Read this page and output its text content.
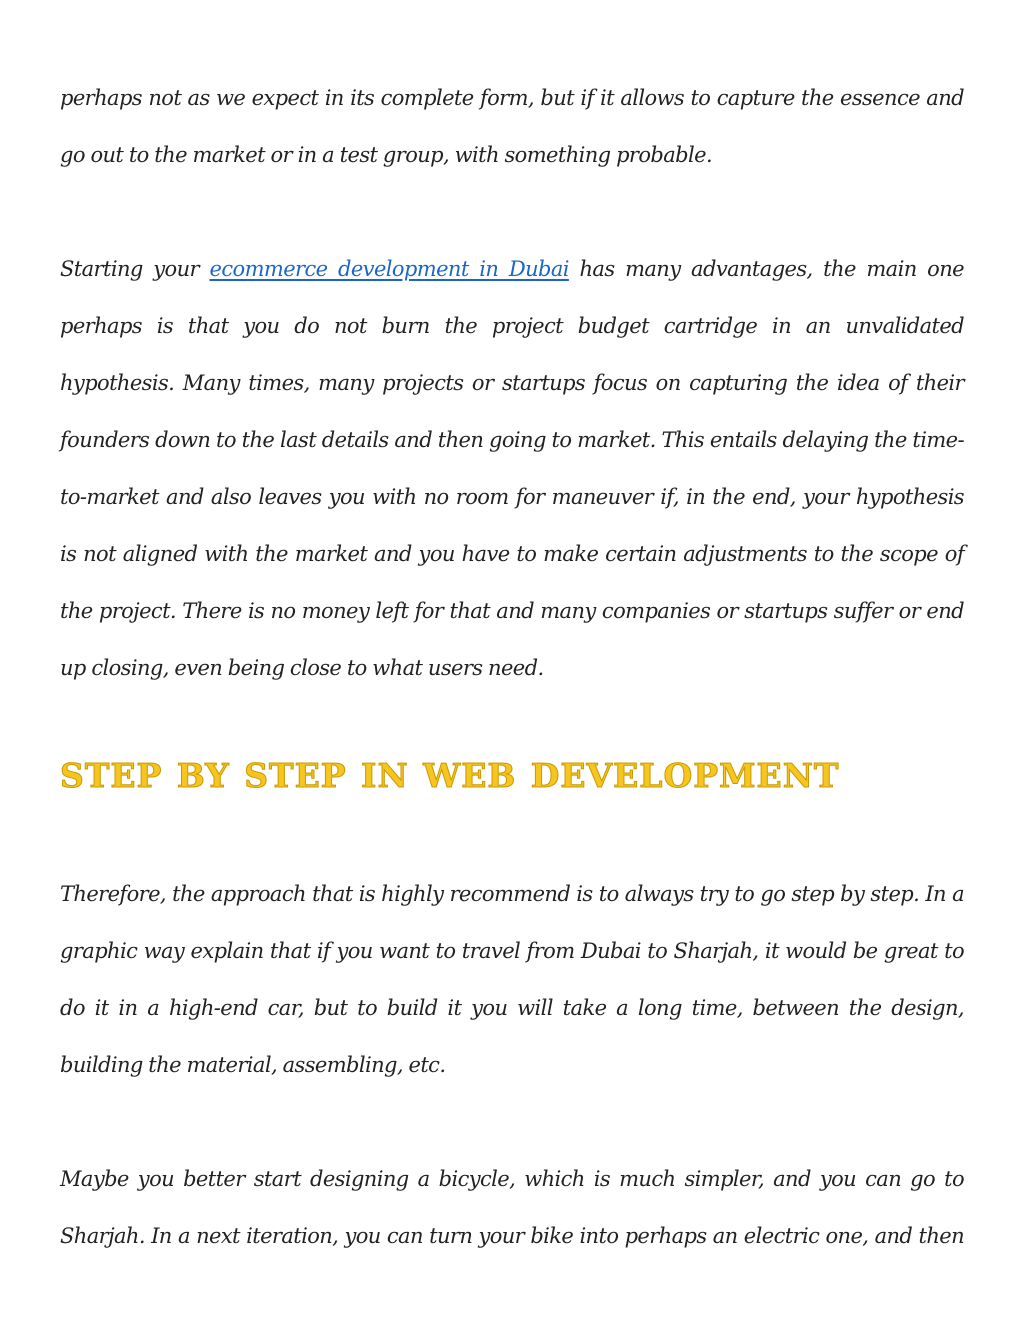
perhaps not as we expect in its complete form, but if it allows to capture the essence and
go out to the market or in a test group, with something probable.
Starting your ecommerce development in Dubai has many advantages, the main one
perhaps is that you do not burn the project budget cartridge in an unvalidated
hypothesis. Many times, many projects or startups focus on capturing the idea of their
founders down to the last details and then going to market. This entails delaying the time-
to-market and also leaves you with no room for maneuver if, in the end, your hypothesis
is not aligned with the market and you have to make certain adjustments to the scope of
the project. There is no money left for that and many companies or startups suffer or end
up closing, even being close to what users need.
STEP BY STEP IN WEB DEVELOPMENT
Therefore, the approach that is highly recommend is to always try to go step by step. In a
graphic way explain that if you want to travel from Dubai to Sharjah, it would be great to
do it in a high-end car, but to build it you will take a long time, between the design,
building the material, assembling, etc.
Maybe you better start designing a bicycle, which is much simpler, and you can go to
Sharjah. In a next iteration, you can turn your bike into perhaps an electric one, and then
